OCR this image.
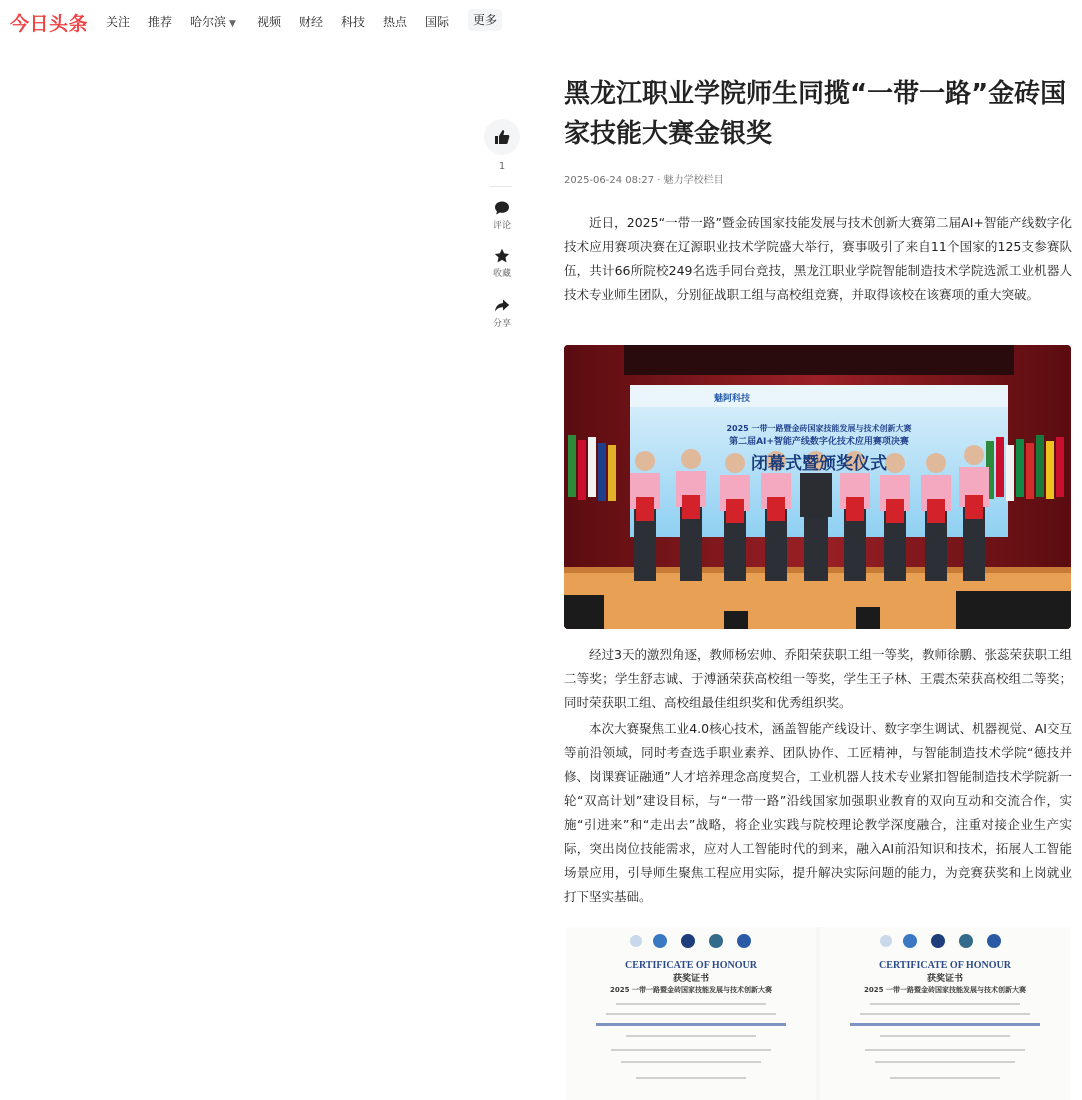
今日头条 关注 推荐 哈尔滨 ▼ 视频 财经 科技 热点 国际	更多
1
评论
收藏
分享
黑龙江职业学院师生同揽“一带一路”金砖国家技能大赛金银奖
2025-06-24 08:27 · 魅力学校栏目

近日，2025“一带一路”暨金砖国家技能发展与技术创新大赛第二届AI+智能产线数字化技术应用赛项决赛在辽源职业技术学院盛大举行，赛事吸引了来自11个国家的125支参赛队伍，共计66所院校249名选手同台竞技，黑龙江职业学院智能制造技术学院选派工业机器人技术专业师生团队，分别征战职工组与高校组竞赛，并取得该校在该赛项的重大突破。

魅阿科技
2025 一带一路暨金砖国家技能发展与技术创新大赛
第二届AI+智能产线数字化技术应用赛项决赛
闭幕式暨颁奖仪式

经过3天的激烈角逐，教师杨宏帅、乔阳荣获职工组一等奖，教师徐鹏、张蕊荣获职工组二等奖；学生舒志诚、于溥涵荣获高校组一等奖，学生王子林、王震杰荣获高校组二等奖；同时荣获职工组、高校组最佳组织奖和优秀组织奖。

本次大赛聚焦工业4.0核心技术，涵盖智能产线设计、数字孪生调试、机器视觉、AI交互等前沿领域，同时考查选手职业素养、团队协作、工匠精神，与智能制造技术学院“德技并修、岗课赛证融通”人才培养理念高度契合，工业机器人技术专业紧扣智能制造技术学院新一轮“双高计划”建设目标，与“一带一路”沿线国家加强职业教育的双向互动和交流合作，实施“引进来”和“走出去”战略，将企业实践与院校理论教学深度融合，注重对接企业生产实际，突出岗位技能需求，应对人工智能时代的到来，融入AI前沿知识和技术，拓展人工智能场景应用，引导师生聚焦工程应用实际，提升解决实际问题的能力，为竞赛获奖和上岗就业打下坚实基础。

CERTIFICATE OF HONOUR
获奖证书
2025 一带一路暨金砖国家技能发展与技术创新大赛
CERTIFICATE OF HONOUR
获奖证书
2025 一带一路暨金砖国家技能发展与技术创新大赛
